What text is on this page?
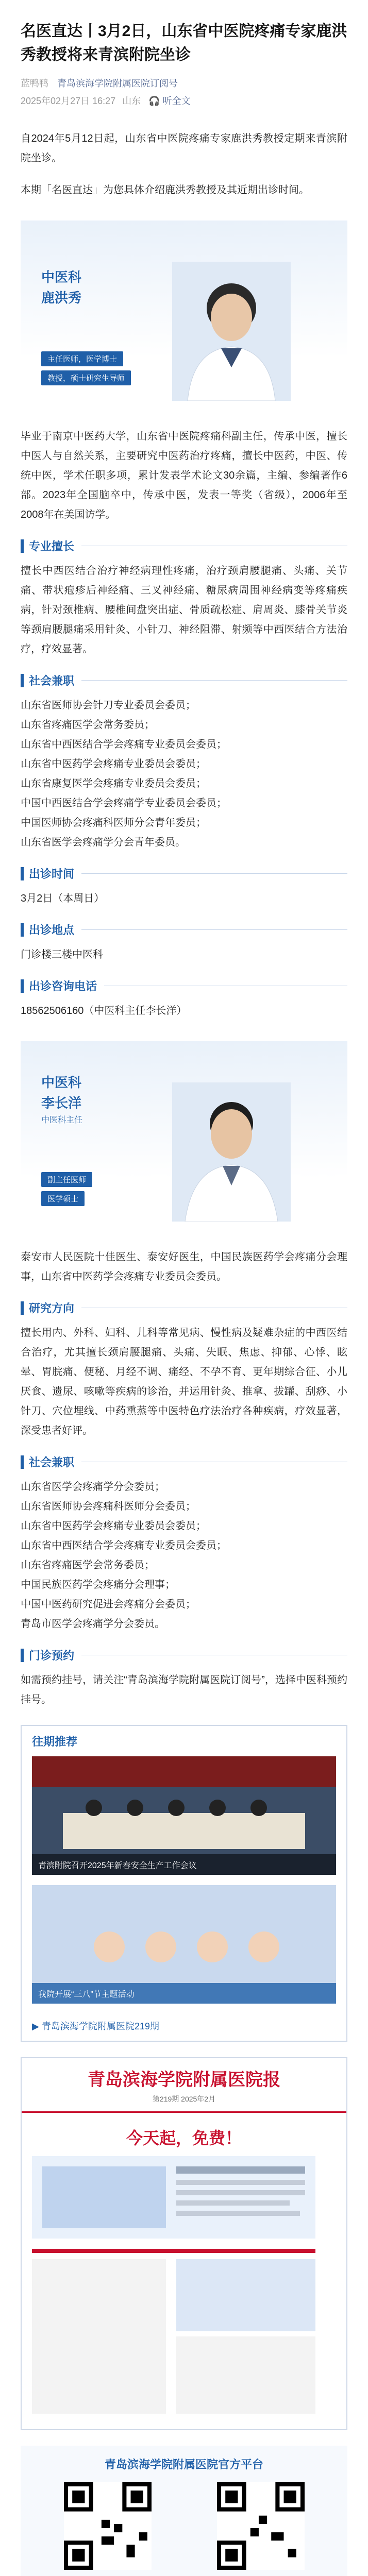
名医直达丨3月2日，山东省中医院疼痛专家鹿洪秀教授将来青滨附院坐诊
蓝鸭鸭 青岛滨海学院附属医院订阅号
2025年02月27日 16:27 山东 🎧 听全文

自2024年5月12日起，山东省中医院疼痛专家鹿洪秀教授定期来青滨附院坐诊。

本期「名医直达」为您具体介绍鹿洪秀教授及其近期出诊时间。

中医科
鹿洪秀
主任医师，医学博士
教授，硕士研究生导师

毕业于南京中医药大学，山东省中医院疼痛科副主任，传承中医，擅长中医人与自然关系，主要研究中医药治疗疼痛，擅长中医药，中医、传统中医，学术任职多项，累计发表学术论文30余篇，主编、参编著作6部。2023年全国脑卒中，传承中医，发表一等奖（省级），2006年至2008年在美国访学。

专业擅长

擅长中西医结合治疗神经病理性疼痛，治疗颈肩腰腿痛、头痛、关节痛、带状疱疹后神经痛、三叉神经痛、糖尿病周围神经病变等疼痛疾病，针对颈椎病、腰椎间盘突出症、骨质疏松症、肩周炎、膝骨关节炎等颈肩腰腿痛采用针灸、小针刀、神经阻滞、射频等中西医结合方法治疗，疗效显著。

社会兼职

山东省医师协会针刀专业委员会委员；

山东省疼痛医学会常务委员；

山东省中西医结合学会疼痛专业委员会委员；

山东省中医药学会疼痛专业委员会委员；

山东省康复医学会疼痛专业委员会委员；

中国中西医结合学会疼痛学专业委员会委员；

中国医师协会疼痛科医师分会青年委员；

山东省医学会疼痛学分会青年委员。

出诊时间

3月2日（本周日）

出诊地点

门诊楼三楼中医科

出诊咨询电话

18562506160（中医科主任李长洋）

中医科
李长洋
中医科主任
副主任医师
医学硕士

泰安市人民医院十佳医生、泰安好医生，中国民族医药学会疼痛分会理事，山东省中医药学会疼痛专业委员会委员。

研究方向

擅长用内、外科、妇科、儿科等常见病、慢性病及疑难杂症的中西医结合治疗，尤其擅长颈肩腰腿痛、头痛、失眠、焦虑、抑郁、心悸、眩晕、胃脘痛、便秘、月经不调、痛经、不孕不育、更年期综合征、小儿厌食、遗尿、咳嗽等疾病的诊治，并运用针灸、推拿、拔罐、刮痧、小针刀、穴位埋线、中药熏蒸等中医特色疗法治疗各种疾病，疗效显著，深受患者好评。

社会兼职

山东省医学会疼痛学分会委员；

山东省医师协会疼痛科医师分会委员；

山东省中医药学会疼痛专业委员会委员；

山东省中西医结合学会疼痛专业委员会委员；

山东省疼痛医学会常务委员；

中国民族医药学会疼痛分会理事；

中国中医药研究促进会疼痛分会委员；

青岛市医学会疼痛学分会委员。

门诊预约

如需预约挂号，请关注“青岛滨海学院附属医院订阅号”，选择中医科预约挂号。

往期推荐
青滨附院召开2025年新春安全生产工作会议
我院开展“三八”节主题活动
▶ 青岛滨海学院附属医院219期
青岛滨海学院附属医院报
第219期 2025年2月
今天起，免费！
青岛滨海学院附属医院官方平台
